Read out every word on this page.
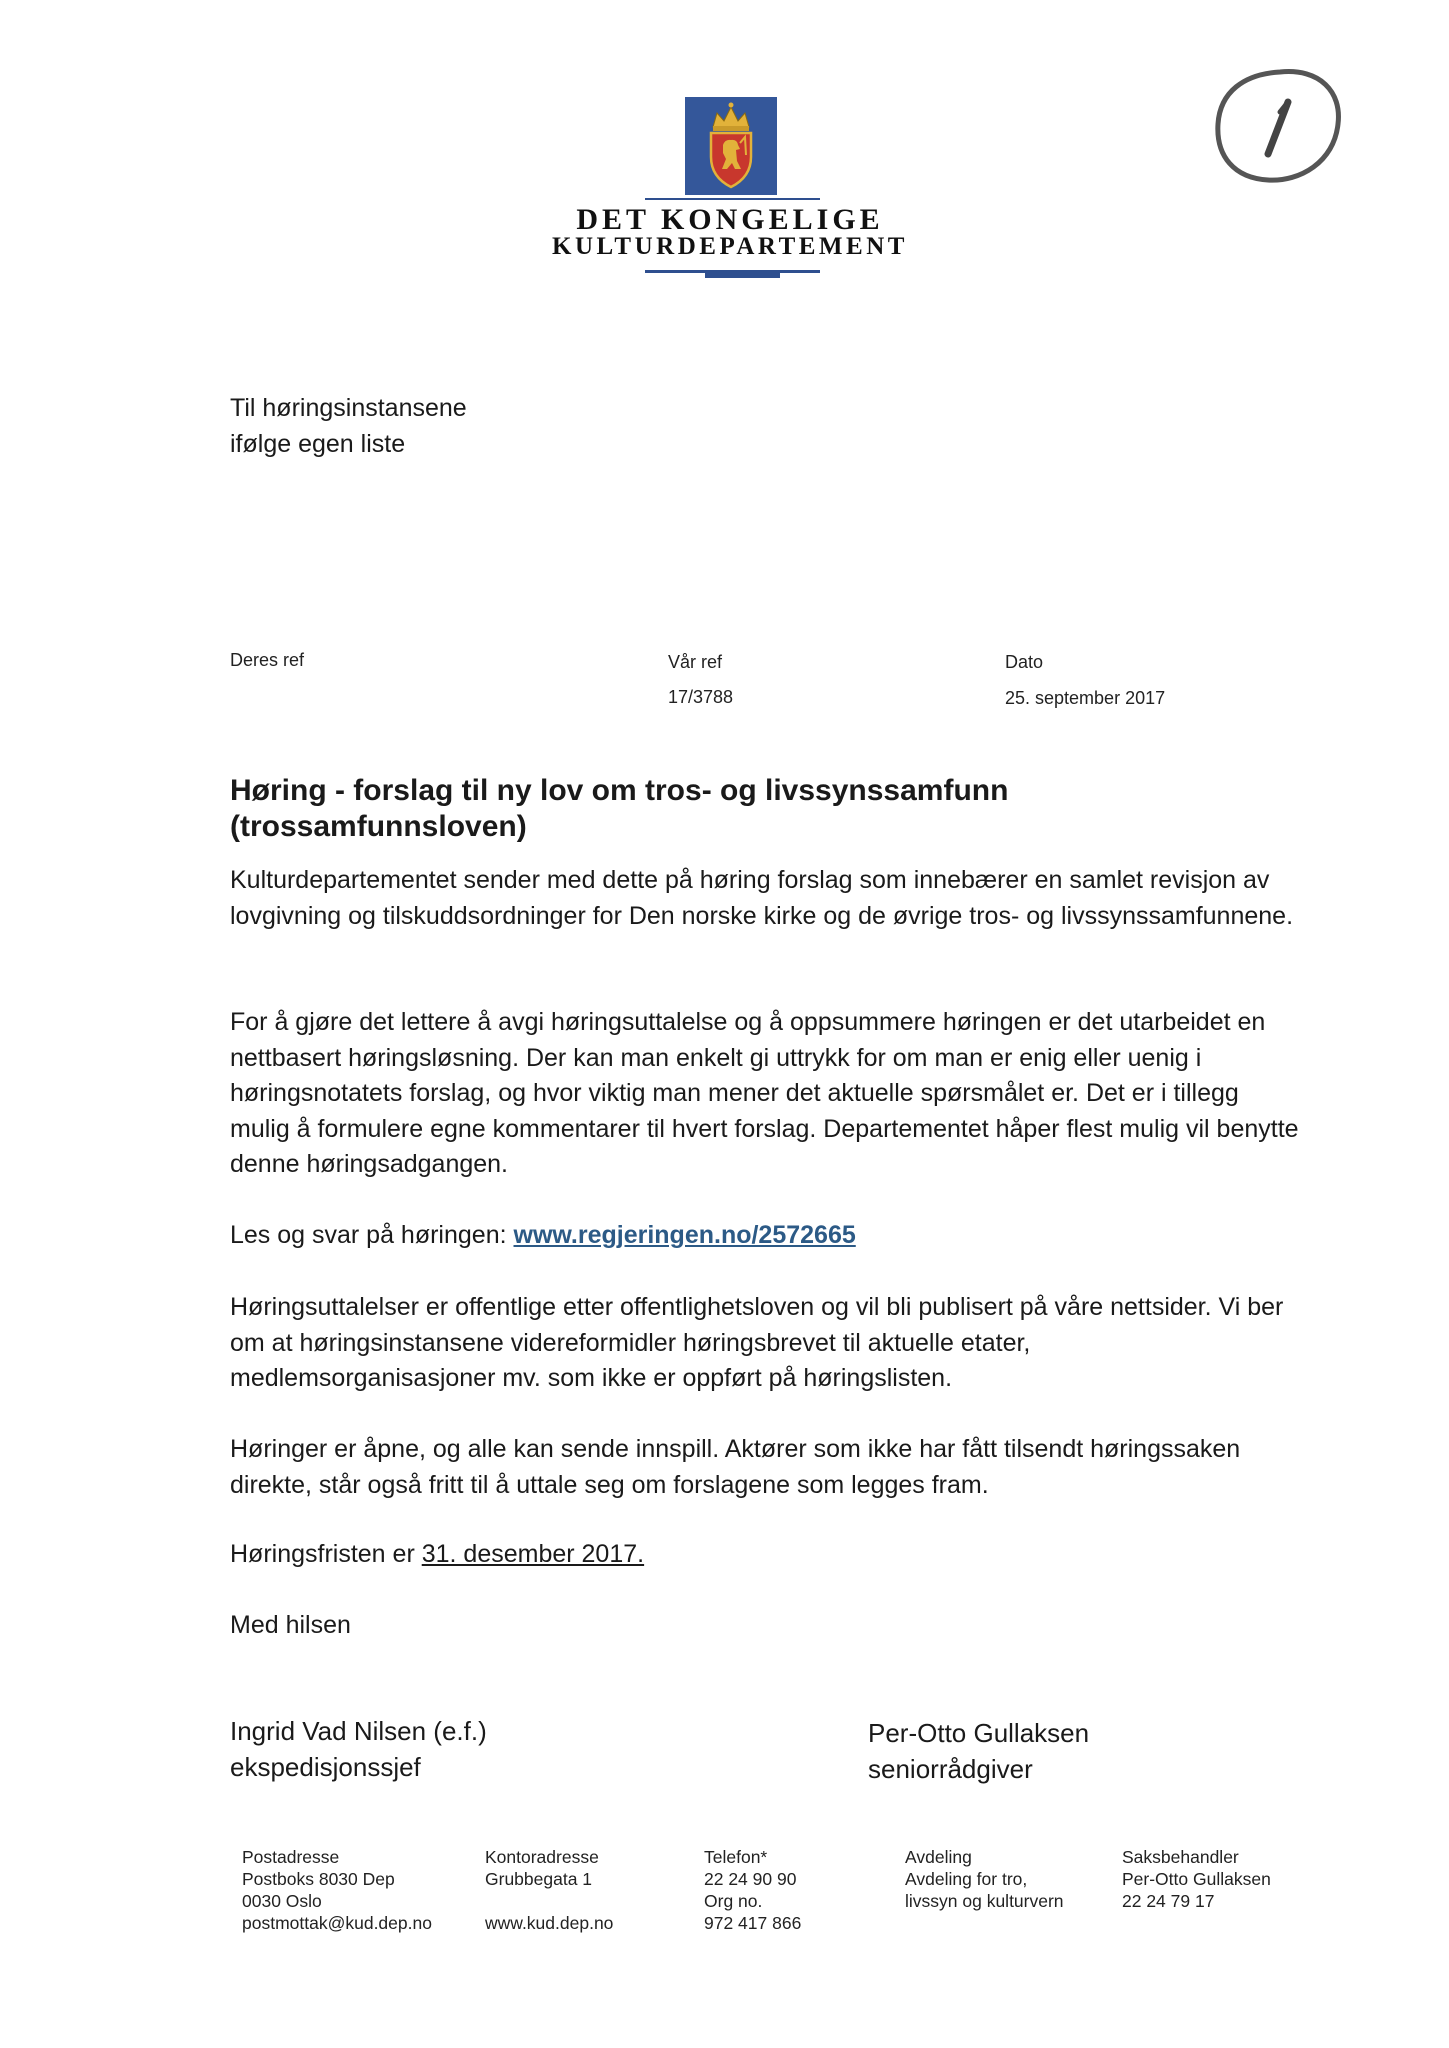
DET KONGELIGE
KULTURDEPARTEMENT
Til høringsinstansene
ifølge egen liste
Deres ref	Vår ref
17/3788
Dato
25. september 2017
Høring - forslag til ny lov om tros- og livssynssamfunn
(trossamfunnsloven)
Kulturdepartementet sender med dette på høring forslag som innebærer en samlet revisjon av lovgivning og tilskuddsordninger for Den norske kirke og de øvrige tros- og livssynssamfunnene.
For å gjøre det lettere å avgi høringsuttalelse og å oppsummere høringen er det utarbeidet en nettbasert høringsløsning. Der kan man enkelt gi uttrykk for om man er enig eller uenig i høringsnotatets forslag, og hvor viktig man mener det aktuelle spørsmålet er. Det er i tillegg mulig å formulere egne kommentarer til hvert forslag. Departementet håper flest mulig vil benytte denne høringsadgangen.
Les og svar på høringen: www.regjeringen.no/2572665
Høringsuttalelser er offentlige etter offentlighetsloven og vil bli publisert på våre nettsider. Vi ber om at høringsinstansene videreformidler høringsbrevet til aktuelle etater, medlemsorganisasjoner mv. som ikke er oppført på høringslisten.
Høringer er åpne, og alle kan sende innspill. Aktører som ikke har fått tilsendt høringssaken direkte, står også fritt til å uttale seg om forslagene som legges fram.
Høringsfristen er 31. desember 2017.
Med hilsen
Ingrid Vad Nilsen (e.f.)
ekspedisjonssjef
Per-Otto Gullaksen
seniorrådgiver
Postadresse
Postboks 8030 Dep
0030 Oslo
postmottak@kud.dep.no
Kontoradresse
Grubbegata 1
www.kud.dep.no
Telefon*
22 24 90 90
Org no.
972 417 866
Avdeling
Avdeling for tro,
livssyn og kulturvern
Saksbehandler
Per-Otto Gullaksen
22 24 79 17
